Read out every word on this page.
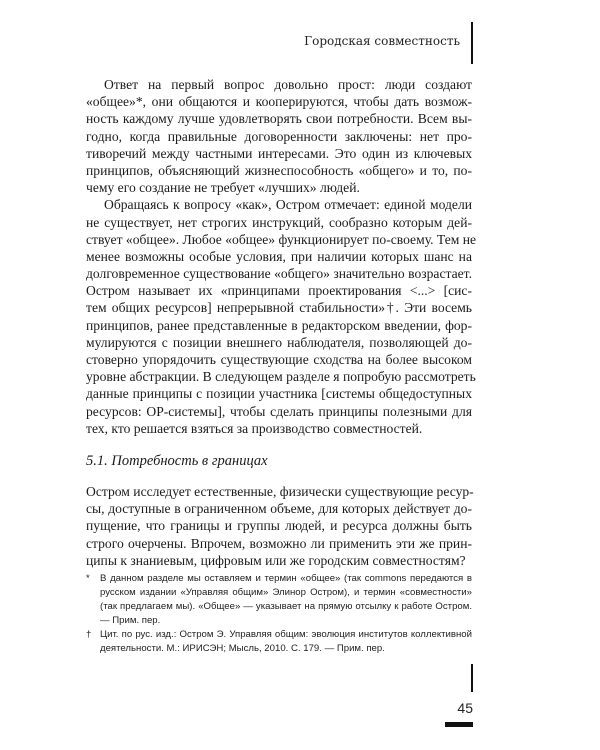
Городская совместность
Ответ на первый вопрос довольно прост: люди создают
«общее»*, они общаются и кооперируются, чтобы дать возмож-
ность каждому лучше удовлетворять свои потребности. Всем вы-
годно, когда правильные договоренности заключены: нет про-
тиворечий между частными интересами. Это один из ключевых
принципов, объясняющий жизнеспособность «общего» и то, по-
чему его создание не требует «лучших» людей.
Обращаясь к вопросу «как», Остром отмечает: единой модели
не существует, нет строгих инструкций, сообразно которым дей-
ствует «общее». Любое «общее» функционирует по-своему. Тем не
менее возможны особые условия, при наличии которых шанс на
долговременное существование «общего» значительно возрастает.
Остром называет их «принципами проектирования <...> [сис-
тем общих ресурсов] непрерывной стабильности»†. Эти восемь
принципов, ранее представленные в редакторском введении, фор-
мулируются с позиции внешнего наблюдателя, позволяющей до-
стоверно упорядочить существующие сходства на более высоком
уровне абстракции. В следующем разделе я попробую рассмотреть
данные принципы с позиции участника [системы общедоступных
ресурсов: ОР-системы], чтобы сделать принципы полезными для
тех, кто решается взяться за производство совместностей.
5.1. Потребность в границах
Остром исследует естественные, физически существующие ресур-
сы, доступные в ограниченном объеме, для которых действует до-
пущение, что границы и группы людей, и ресурса должны быть
строго очерчены. Впрочем, возможно ли применить эти же прин-
ципы к знаниевым, цифровым или же городским совместностям?
* В данном разделе мы оставляем и термин «общее» (так commons передаются в русском издании «Управляя общим» Элинор Остром), и термин «совместности» (так предлагаем мы). «Общее» — указывает на прямую отсылку к работе Остром. — Прим. пер.
† Цит. по рус. изд.: Остром Э. Управляя общим: эволюция институтов коллективной деятельности. М.: ИРИСЭН; Мысль, 2010. С. 179. — Прим. пер.
45
